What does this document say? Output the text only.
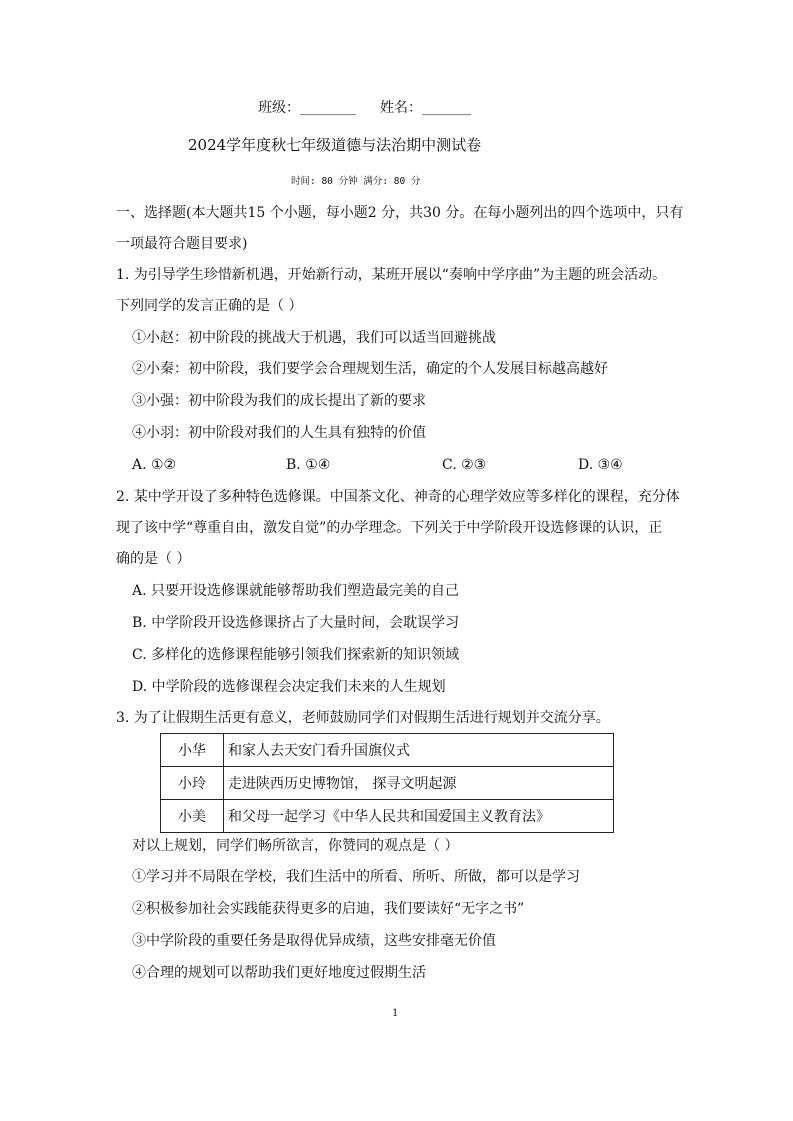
班级：________ 姓名：_______
2024学年度秋七年级道德与法治期中测试卷
时间: 80 分钟 满分: 80 分
一、选择题(本大题共15 个小题，每小题2 分，共30 分。在每小题列出的四个选项中，只有
一项最符合题目要求)
1. 为引导学生珍惜新机遇，开始新行动，某班开展以“奏响中学序曲”为主题的班会活动。
下列同学的发言正确的是（ ）
①小赵：初中阶段的挑战大于机遇，我们可以适当回避挑战
②小秦：初中阶段，我们要学会合理规划生活，确定的个人发展目标越高越好
③小强：初中阶段为我们的成长提出了新的要求
④小羽：初中阶段对我们的人生具有独特的价值
A. ①②	B. ①④	C. ②③	D. ③④
2. 某中学开设了多种特色选修课。中国茶文化、神奇的心理学效应等多样化的课程，充分体
现了该中学“尊重自由，激发自觉”的办学理念。下列关于中学阶段开设选修课的认识，正
确的是（ ）
A. 只要开设选修课就能够帮助我们塑造最完美的自己
B. 中学阶段开设选修课挤占了大量时间，会耽误学习
C. 多样化的选修课程能够引领我们探索新的知识领域
D. 中学阶段的选修课程会决定我们未来的人生规划
3. 为了让假期生活更有意义，老师鼓励同学们对假期生活进行规划并交流分享。
小华	和家人去天安门看升国旗仪式
小玲	走进陕西历史博物馆， 探寻文明起源
小美	和父母一起学习《中华人民共和国爱国主义教育法》
对以上规划，同学们畅所欲言，你赞同的观点是（ ）
①学习并不局限在学校，我们生活中的所看、所听、所做，都可以是学习
②积极参加社会实践能获得更多的启迪，我们要读好“无字之书”
③中学阶段的重要任务是取得优异成绩，这些安排毫无价值
④合理的规划可以帮助我们更好地度过假期生活
1
